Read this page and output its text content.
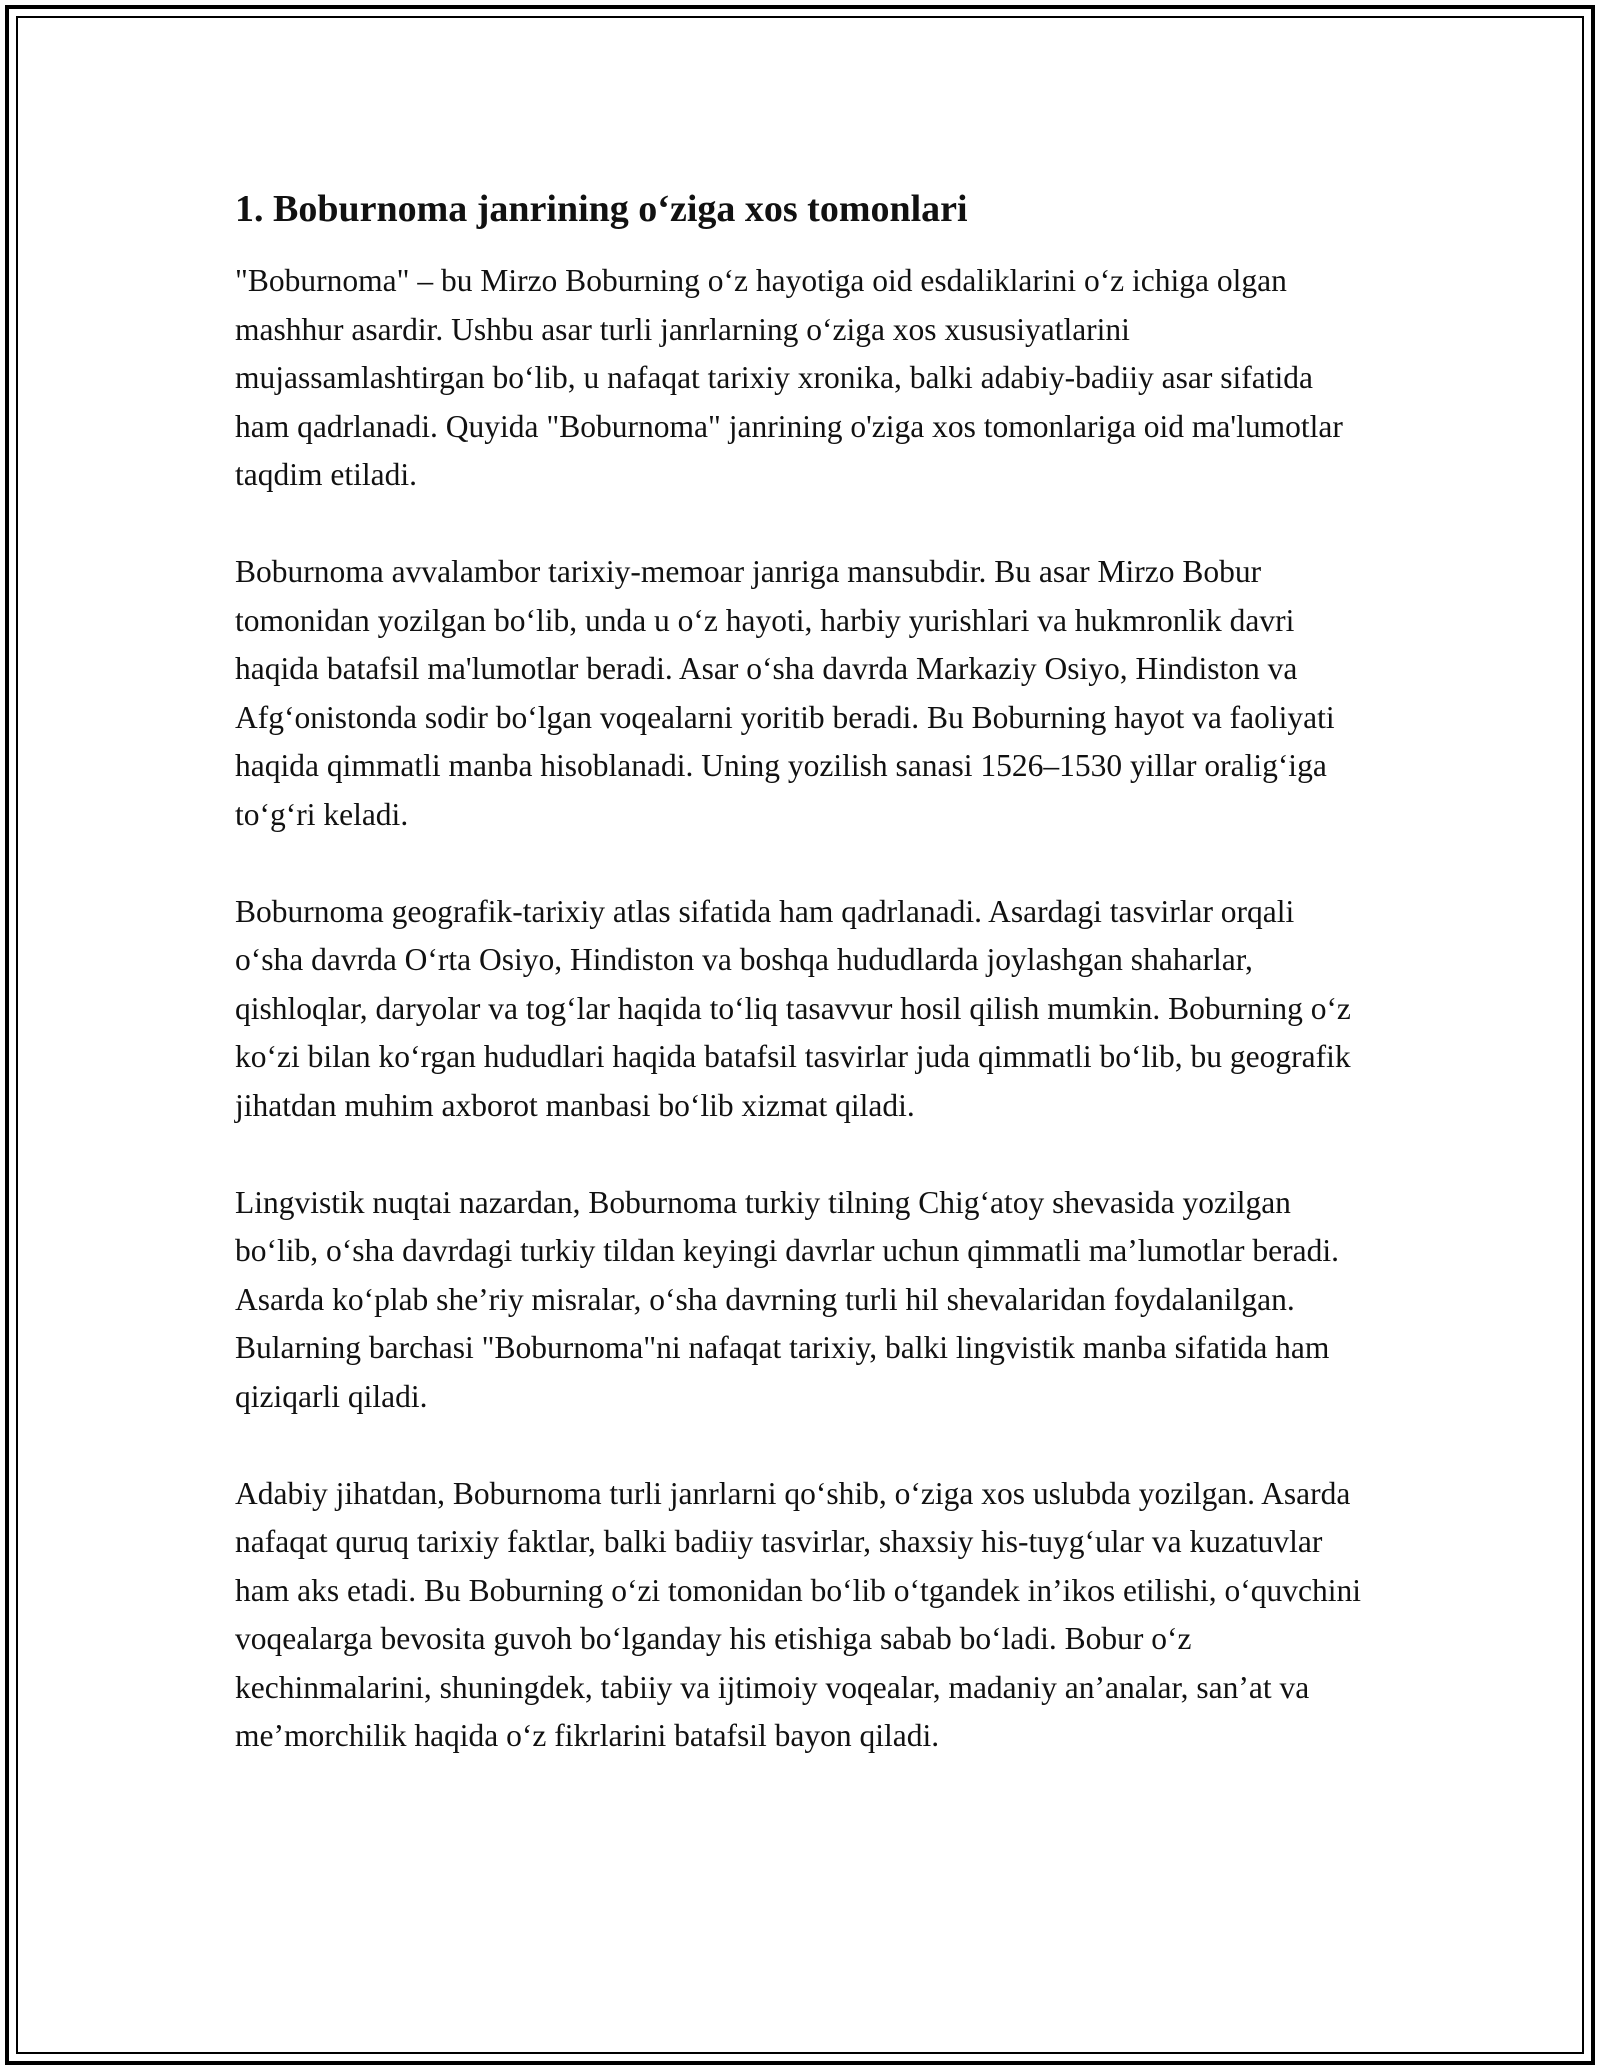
1. Boburnoma janrining o‘ziga xos tomonlari

"Boburnoma" – bu Mirzo Boburning o‘z hayotiga oid esdaliklarini o‘z ichiga olgan mashhur asardir. Ushbu asar turli janrlarning o‘ziga xos xususiyatlarini mujassamlashtirgan bo‘lib, u nafaqat tarixiy xronika, balki adabiy-badiiy asar sifatida ham qadrlanadi. Quyida "Boburnoma" janrining o'ziga xos tomonlariga oid ma'lumotlar taqdim etiladi.

Boburnoma avvalambor tarixiy-memoar janriga mansubdir. Bu asar Mirzo Bobur tomonidan yozilgan bo‘lib, unda u o‘z hayoti, harbiy yurishlari va hukmronlik davri haqida batafsil ma'lumotlar beradi. Asar o‘sha davrda Markaziy Osiyo, Hindiston va Afg‘onistonda sodir bo‘lgan voqealarni yoritib beradi. Bu Boburning hayot va faoliyati haqida qimmatli manba hisoblanadi. Uning yozilish sanasi 1526–1530 yillar oralig‘iga to‘g‘ri keladi.

Boburnoma geografik-tarixiy atlas sifatida ham qadrlanadi. Asardagi tasvirlar orqali o‘sha davrda O‘rta Osiyo, Hindiston va boshqa hududlarda joylashgan shaharlar, qishloqlar, daryolar va tog‘lar haqida to‘liq tasavvur hosil qilish mumkin. Boburning o‘z ko‘zi bilan ko‘rgan hududlari haqida batafsil tasvirlar juda qimmatli bo‘lib, bu geografik jihatdan muhim axborot manbasi bo‘lib xizmat qiladi.

Lingvistik nuqtai nazardan, Boburnoma turkiy tilning Chig‘atoy shevasida yozilgan bo‘lib, o‘sha davrdagi turkiy tildan keyingi davrlar uchun qimmatli ma’lumotlar beradi. Asarda ko‘plab she’riy misralar, o‘sha davrning turli hil shevalaridan foydalanilgan. Bularning barchasi "Boburnoma"ni nafaqat tarixiy, balki lingvistik manba sifatida ham qiziqarli qiladi.

Adabiy jihatdan, Boburnoma turli janrlarni qo‘shib, o‘ziga xos uslubda yozilgan. Asarda nafaqat quruq tarixiy faktlar, balki badiiy tasvirlar, shaxsiy his-tuyg‘ular va kuzatuvlar ham aks etadi. Bu Boburning o‘zi tomonidan bo‘lib o‘tgandek in’ikos etilishi, o‘quvchini voqealarga bevosita guvoh bo‘lganday his etishiga sabab bo‘ladi. Bobur o‘z kechinmalarini, shuningdek, tabiiy va ijtimoiy voqealar, madaniy an’analar, san’at va me’morchilik haqida o‘z fikrlarini batafsil bayon qiladi.
